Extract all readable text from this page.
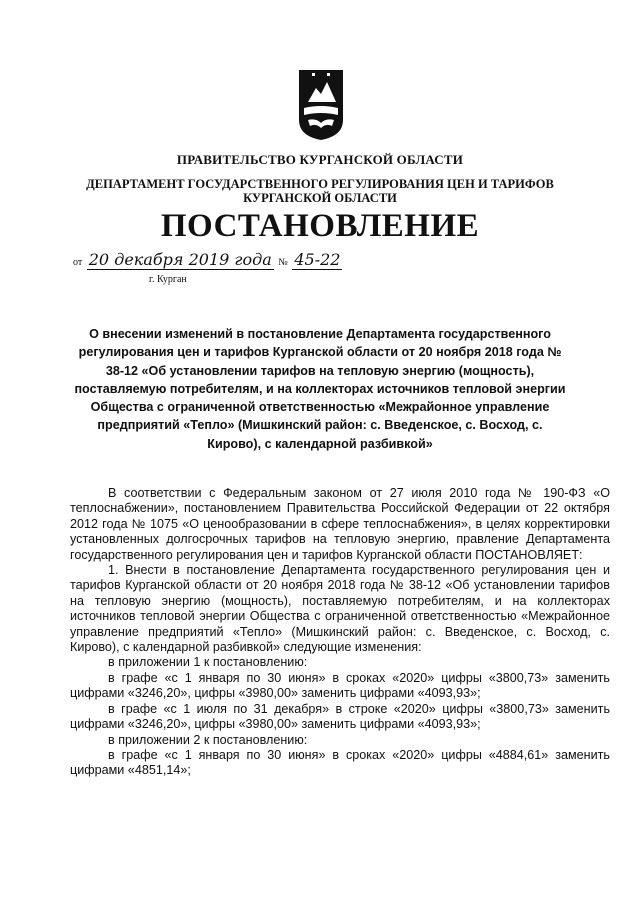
ПРАВИТЕЛЬСТВО КУРГАНСКОЙ ОБЛАСТИ
ДЕПАРТАМЕНТ ГОСУДАРСТВЕННОГО РЕГУЛИРОВАНИЯ ЦЕН И ТАРИФОВ
КУРГАНСКОЙ ОБЛАСТИ
ПОСТАНОВЛЕНИЕ
от 20 декабря 2019 года № 45-22
г. Курган
О внесении изменений в постановление Департамента государственного регулирования цен и тарифов Курганской области от 20 ноября 2018 года № 38-12 «Об установлении тарифов на тепловую энергию (мощность), поставляемую потребителям, и на коллекторах источников тепловой энергии Общества с ограниченной ответственностью «Межрайонное управление предприятий «Тепло» (Мишкинский район: с. Введенское, с. Восход, с. Кирово), с календарной разбивкой»

В соответствии с Федеральным законом от 27 июля 2010 года № 190-ФЗ «О теплоснабжении», постановлением Правительства Российской Федерации от 22 октября 2012 года № 1075 «О ценообразовании в сфере теплоснабжения», в целях корректировки установленных долгосрочных тарифов на тепловую энергию, правление Департамента государственного регулирования цен и тарифов Курганской области ПОСТАНОВЛЯЕТ:

1. Внести в постановление Департамента государственного регулирования цен и тарифов Курганской области от 20 ноября 2018 года № 38-12 «Об установлении тарифов на тепловую энергию (мощность), поставляемую потребителям, и на коллекторах источников тепловой энергии Общества с ограниченной ответственностью «Межрайонное управление предприятий «Тепло» (Мишкинский район: с. Введенское, с. Восход, с. Кирово), с календарной разбивкой» следующие изменения:

в приложении 1 к постановлению:

в графе «с 1 января по 30 июня» в сроках «2020» цифры «3800,73» заменить цифрами «3246,20», цифры «3980,00» заменить цифрами «4093,93»;

в графе «с 1 июля по 31 декабря» в строке «2020» цифры «3800,73» заменить цифрами «3246,20», цифры «3980,00» заменить цифрами «4093,93»;

в приложении 2 к постановлению:

в графе «с 1 января по 30 июня» в сроках «2020» цифры «4884,61» заменить цифрами «4851,14»;
